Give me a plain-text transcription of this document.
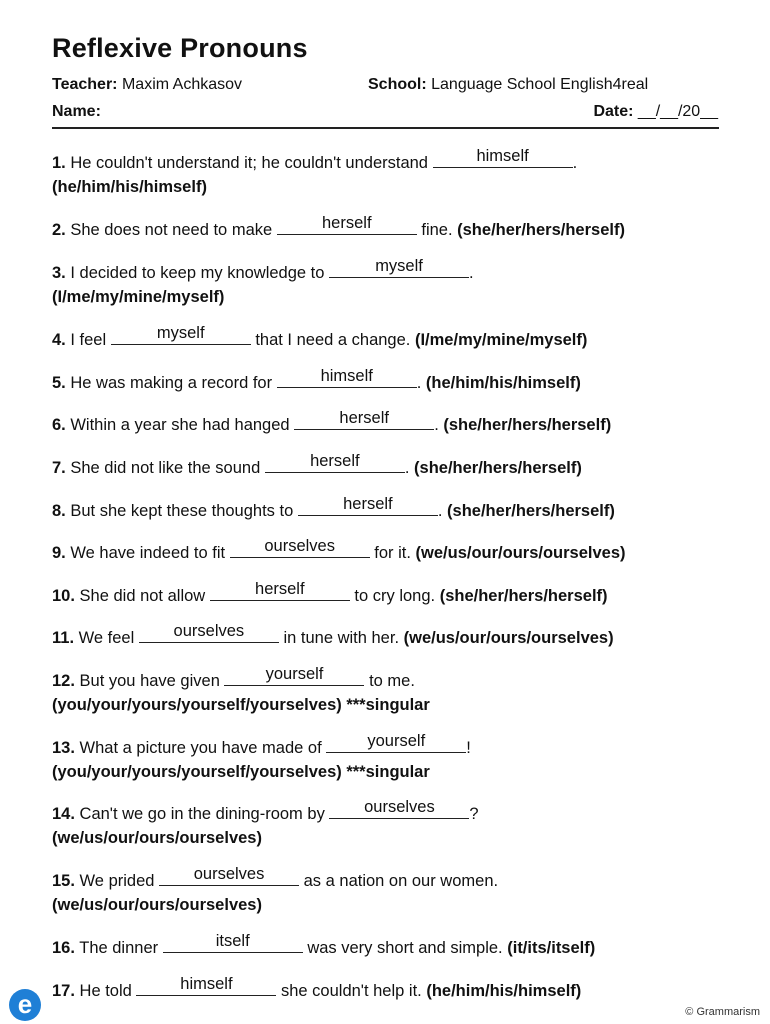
Reflexive Pronouns
Teacher: Maxim Achkasov	School: Language School English4real
Name:	Date: __/__/20__
1. He couldn't understand it; he couldn't understand	himself	.
(he/him/his/himself)
2. She does not need to make	herself	fine. (she/her/hers/herself)
3. I decided to keep my knowledge to	myself	.
(I/me/my/mine/myself)
4. I feel	myself	that I need a change. (I/me/my/mine/myself)
5. He was making a record for	himself	. (he/him/his/himself)
6. Within a year she had hanged	herself	. (she/her/hers/herself)
7. She did not like the sound	herself	. (she/her/hers/herself)
8. But she kept these thoughts to	herself	. (she/her/hers/herself)
9. We have indeed to fit	ourselves	for it. (we/us/our/ours/ourselves)
10. She did not allow	herself	to cry long. (she/her/hers/herself)
11. We feel	ourselves	in tune with her. (we/us/our/ours/ourselves)
12. But you have given	yourself	to me.
(you/your/yours/yourself/yourselves) ***singular
13. What a picture you have made of	yourself	!
(you/your/yours/yourself/yourselves) ***singular
14. Can't we go in the dining-room by	ourselves	?
(we/us/our/ours/ourselves)
15. We prided	ourselves	as a nation on our women.
(we/us/our/ours/ourselves)
16. The dinner	itself	was very short and simple. (it/its/itself)
17. He told	himself	she couldn't help it. (he/him/his/himself)
e	© Grammarism
